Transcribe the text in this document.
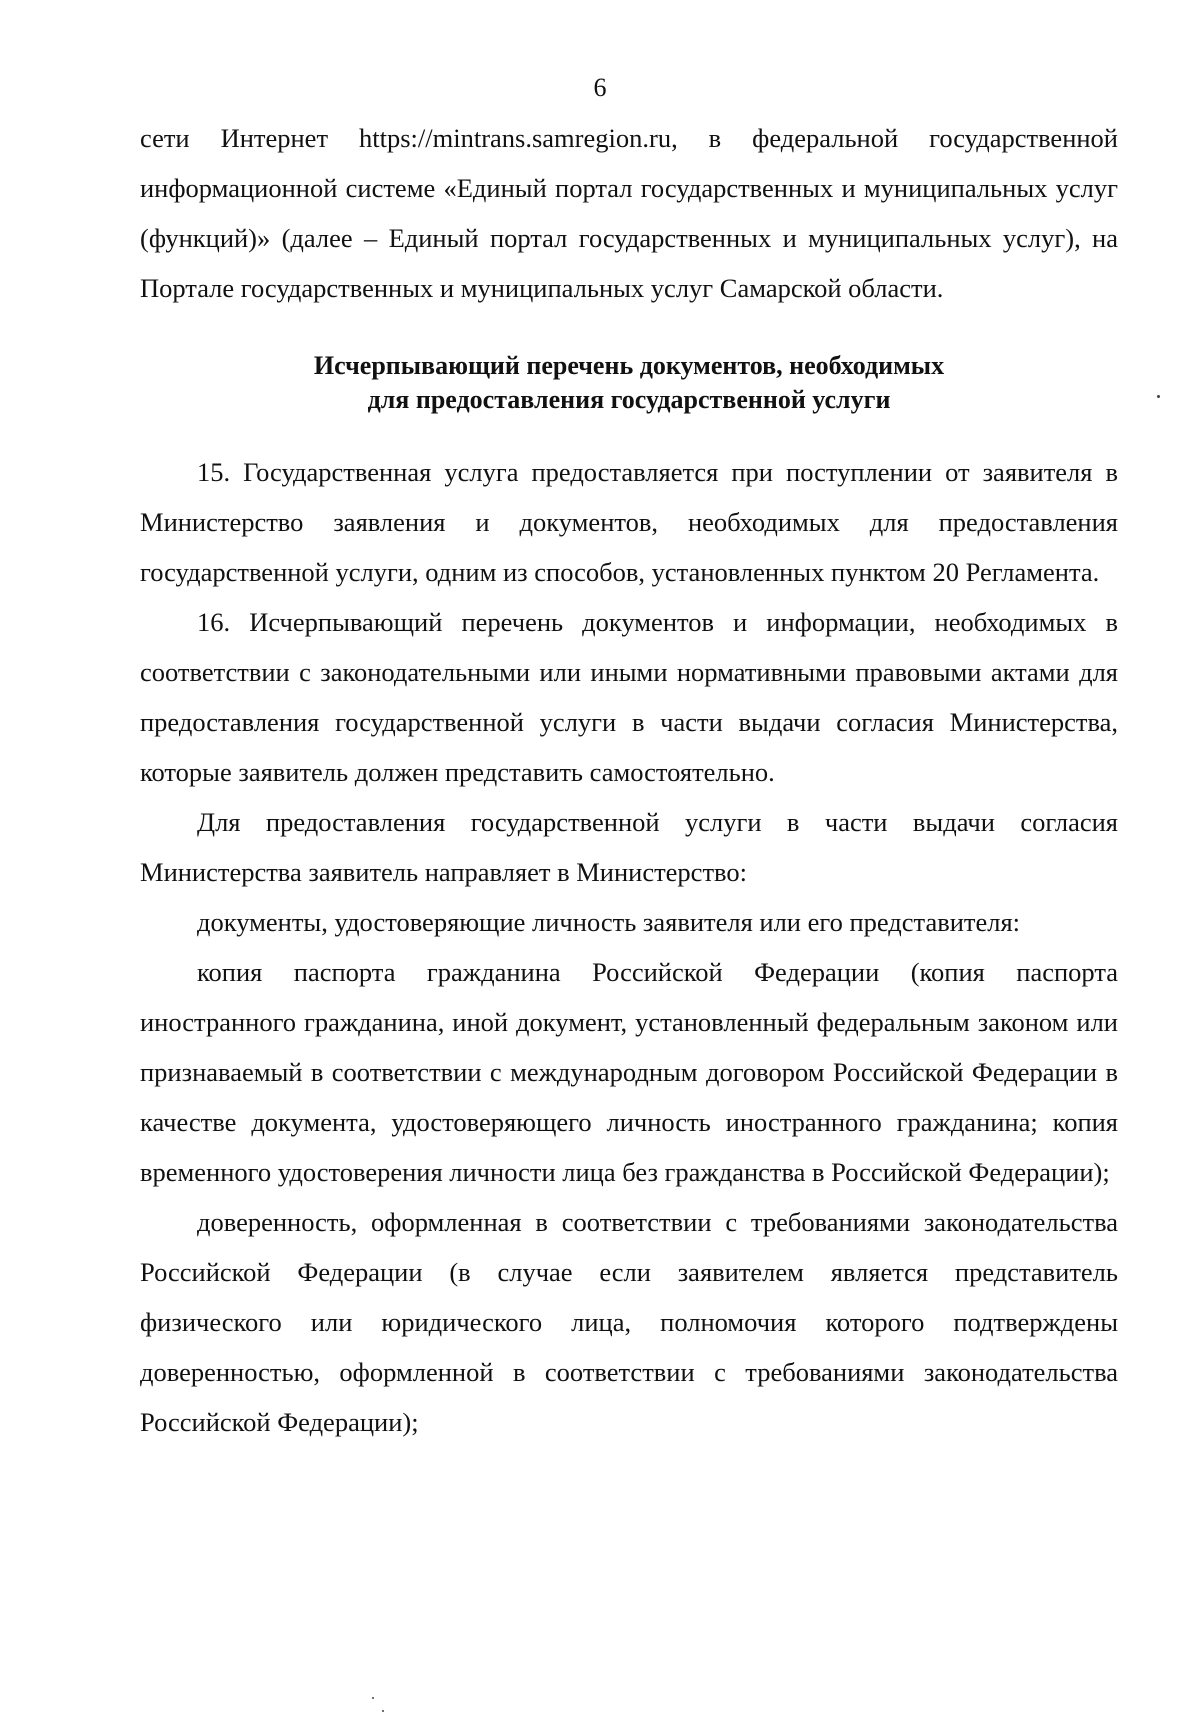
6

сети Интернет https://mintrans.samregion.ru, в федеральной государственной информационной системе «Единый портал государственных и муниципальных услуг (функций)» (далее – Единый портал государственных и муниципальных услуг), на Портале государственных и муниципальных услуг Самарской области.

Исчерпывающий перечень документов, необходимых
для предоставления государственной услуги

15. Государственная услуга предоставляется при поступлении от заявителя в Министерство заявления и документов, необходимых для предоставления государственной услуги, одним из способов, установленных пунктом 20 Регламента.

16. Исчерпывающий перечень документов и информации, необходимых в соответствии с законодательными или иными нормативными правовыми актами для предоставления государственной услуги в части выдачи согласия Министерства, которые заявитель должен представить самостоятельно.

Для предоставления государственной услуги в части выдачи согласия Министерства заявитель направляет в Министерство:

документы, удостоверяющие личность заявителя или его представителя:

копия паспорта гражданина Российской Федерации (копия паспорта иностранного гражданина, иной документ, установленный федеральным законом или признаваемый в соответствии с международным договором Российской Федерации в качестве документа, удостоверяющего личность иностранного гражданина; копия временного удостоверения личности лица без гражданства в Российской Федерации);

доверенность, оформленная в соответствии с требованиями законодательства Российской Федерации (в случае если заявителем является представитель физического или юридического лица, полномочия которого подтверждены доверенностью, оформленной в соответствии с требованиями законодательства Российской Федерации);
